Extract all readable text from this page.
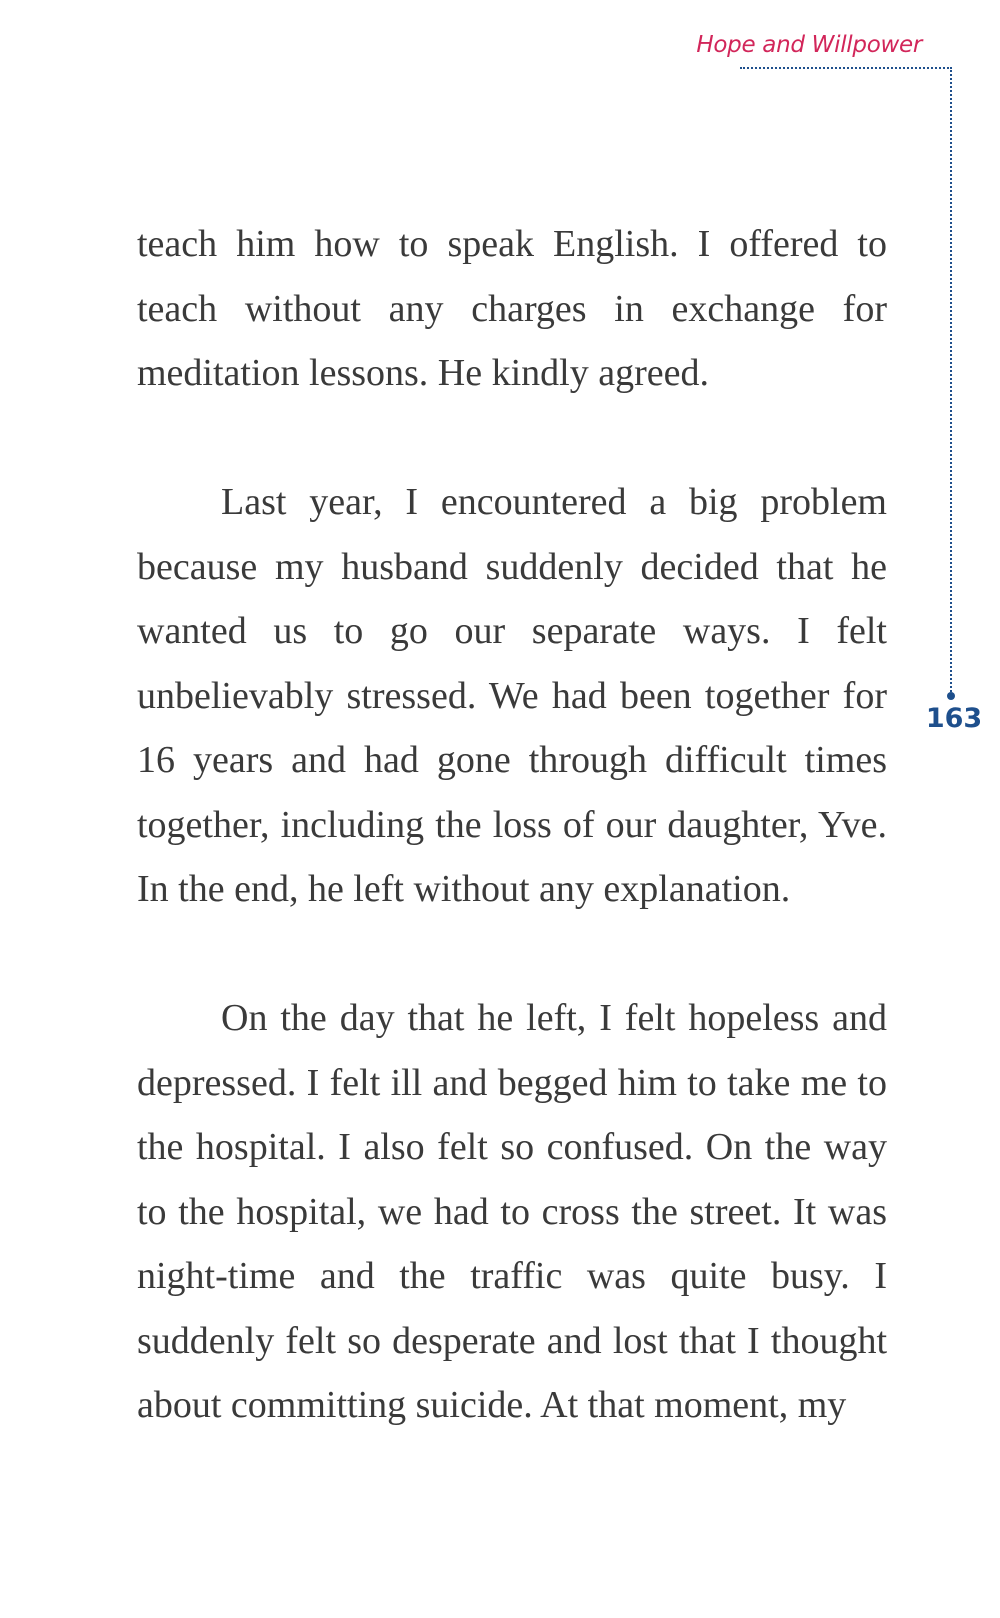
Hope and Willpower
163

teach him how to speak English. I offered to teach without any charges in exchange for meditation lessons. He kindly agreed.

Last year, I encountered a big problem because my husband suddenly decided that he wanted us to go our separate ways. I felt unbelievably stressed. We had been together for 16 years and had gone through difficult times together, including the loss of our daughter, Yve. In the end, he left without any explanation.

On the day that he left, I felt hopeless and depressed. I felt ill and begged him to take me to the hospital. I also felt so confused. On the way to the hospital, we had to cross the street. It was night-time and the traffic was quite busy. I suddenly felt so desperate and lost that I thought about committing suicide. At that moment, my
